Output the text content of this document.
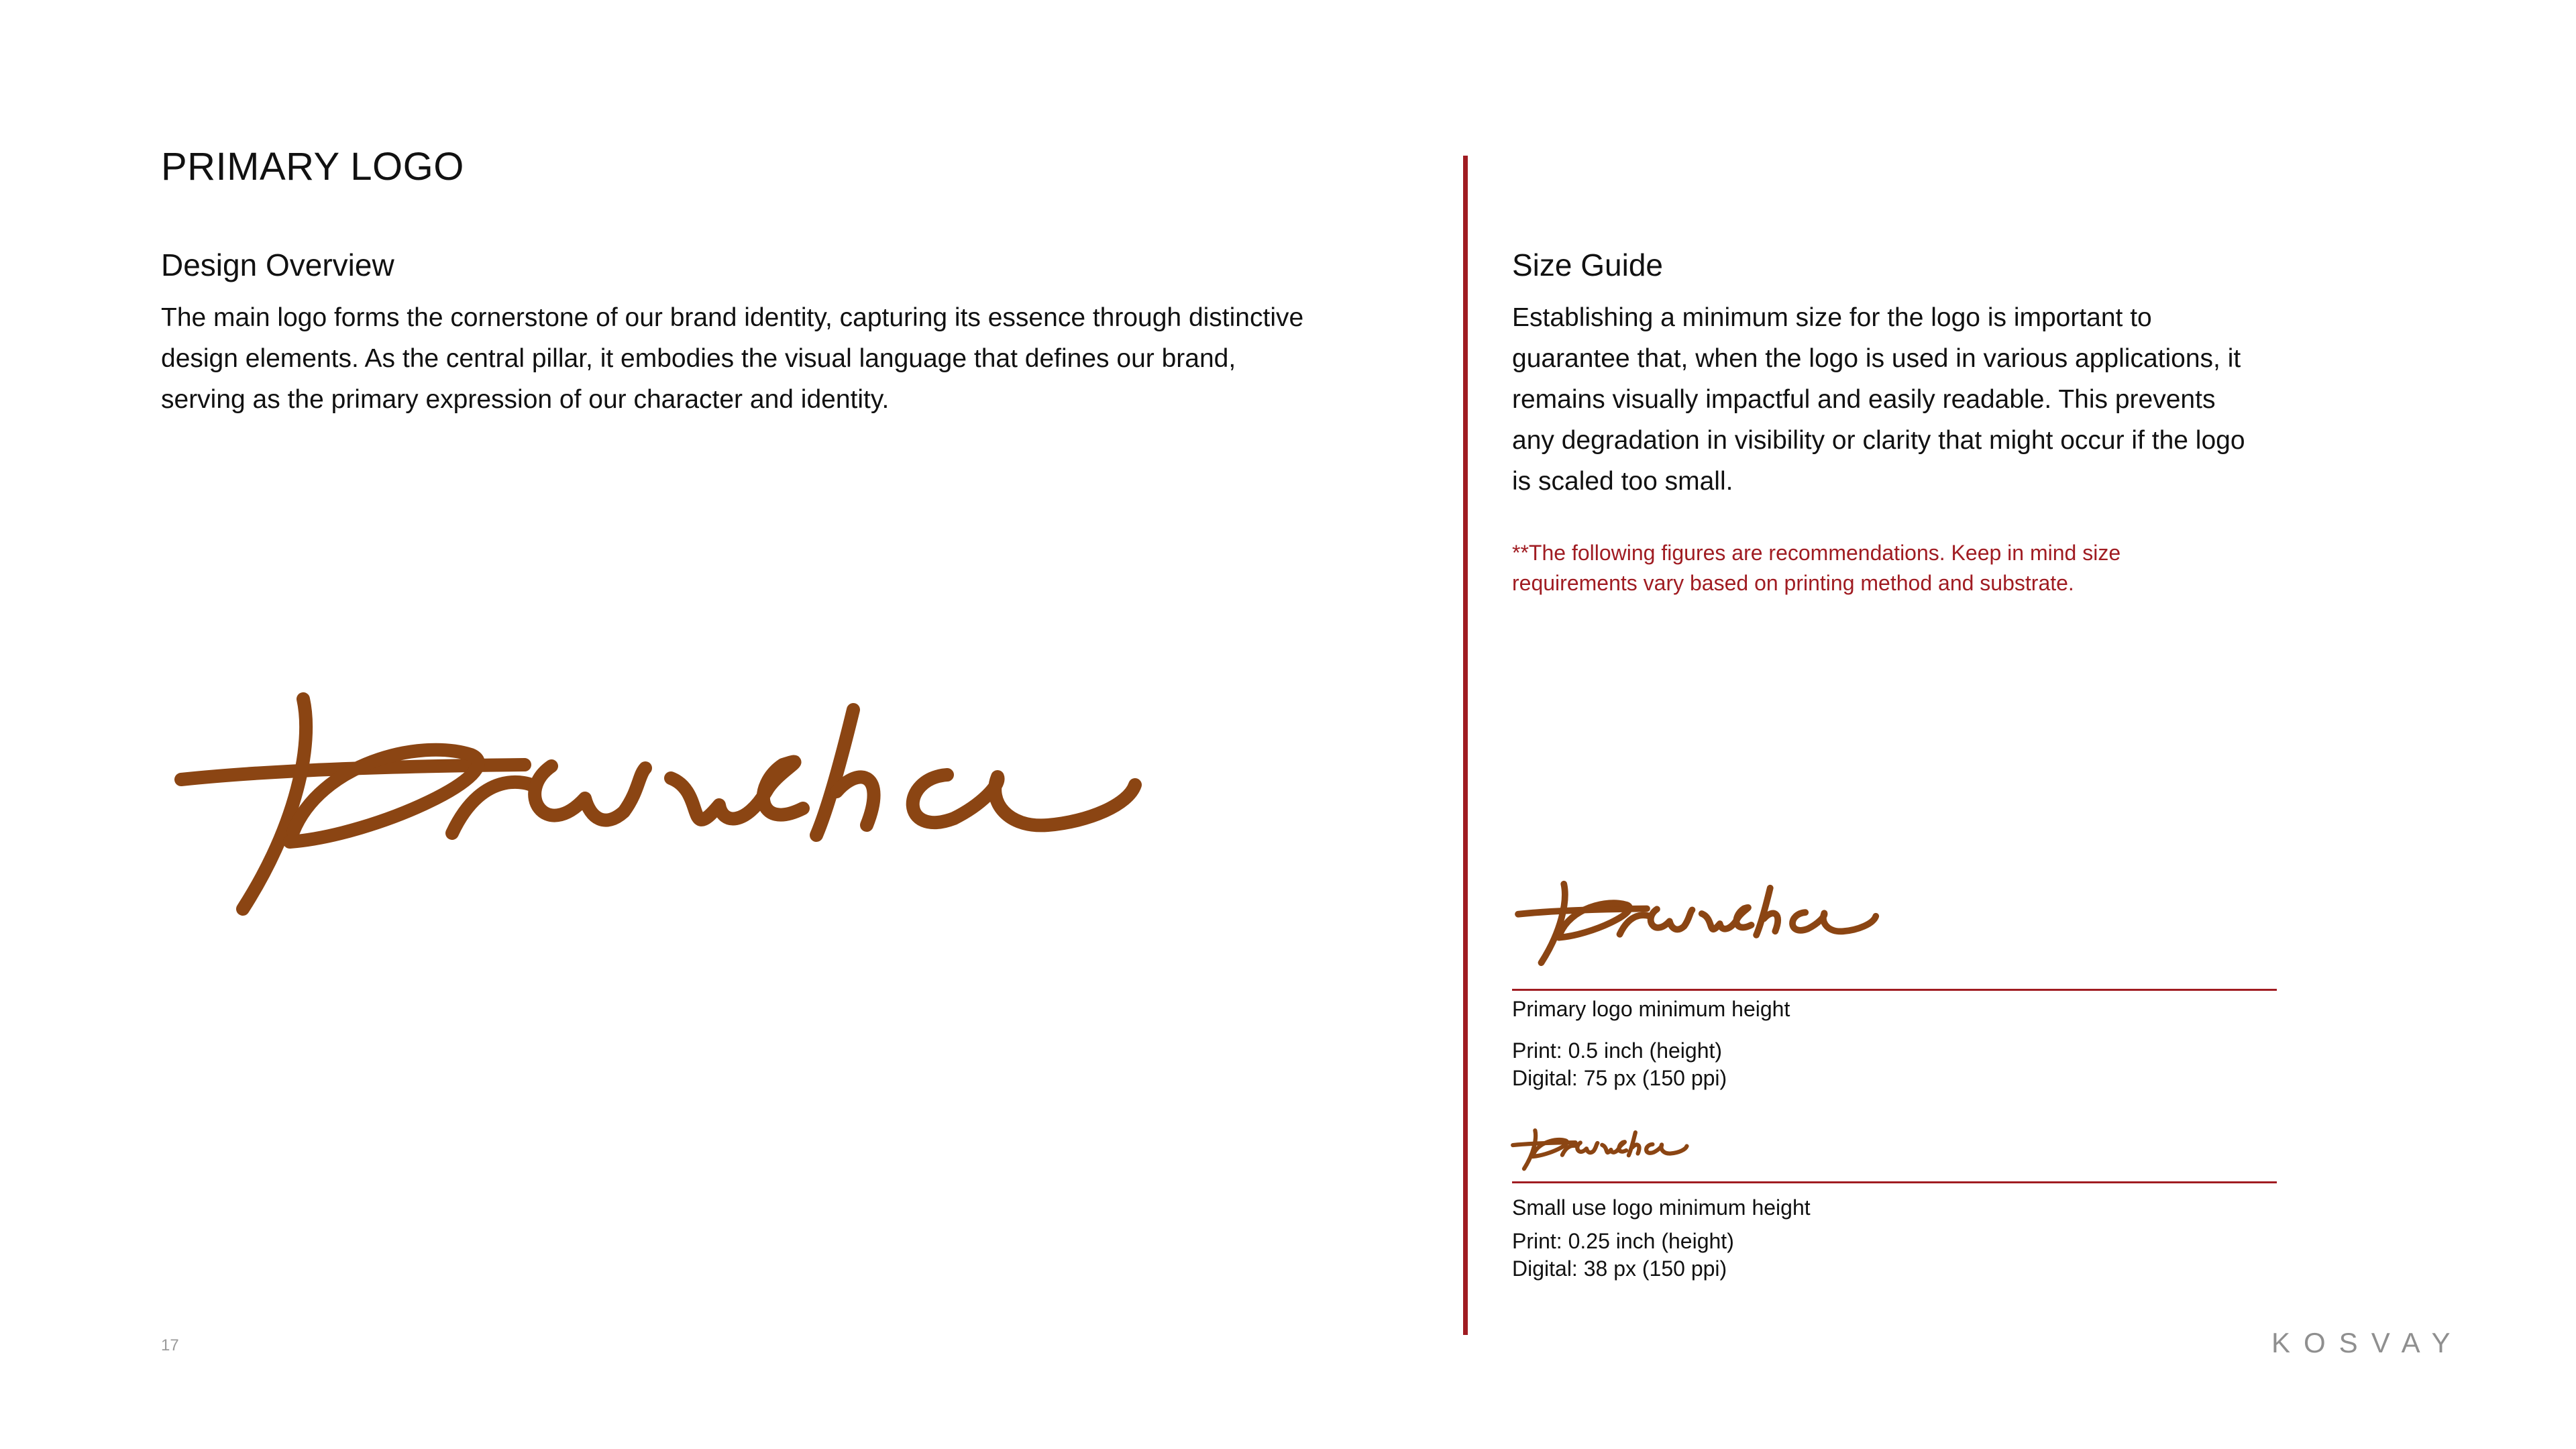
PRIMARY LOGO
Design Overview
The main logo forms the cornerstone of our brand identity, capturing its essence through distinctive design elements. As the central pillar, it embodies the visual language that defines our brand, serving as the primary expression of our character and identity.
Size Guide
Establishing a minimum size for the logo is important to guarantee that, when the logo is used in various applications, it remains visually impactful and easily readable. This prevents any degradation in visibility or clarity that might occur if the logo is scaled too small.
**The following figures are recommendations. Keep in mind size requirements vary based on printing method and substrate.
Primary logo minimum height
Print: 0.5 inch (height)
Digital: 75 px (150 ppi)
Small use logo minimum height
Print: 0.25 inch (height)
Digital: 38 px (150 ppi)
17	KOSVAY
